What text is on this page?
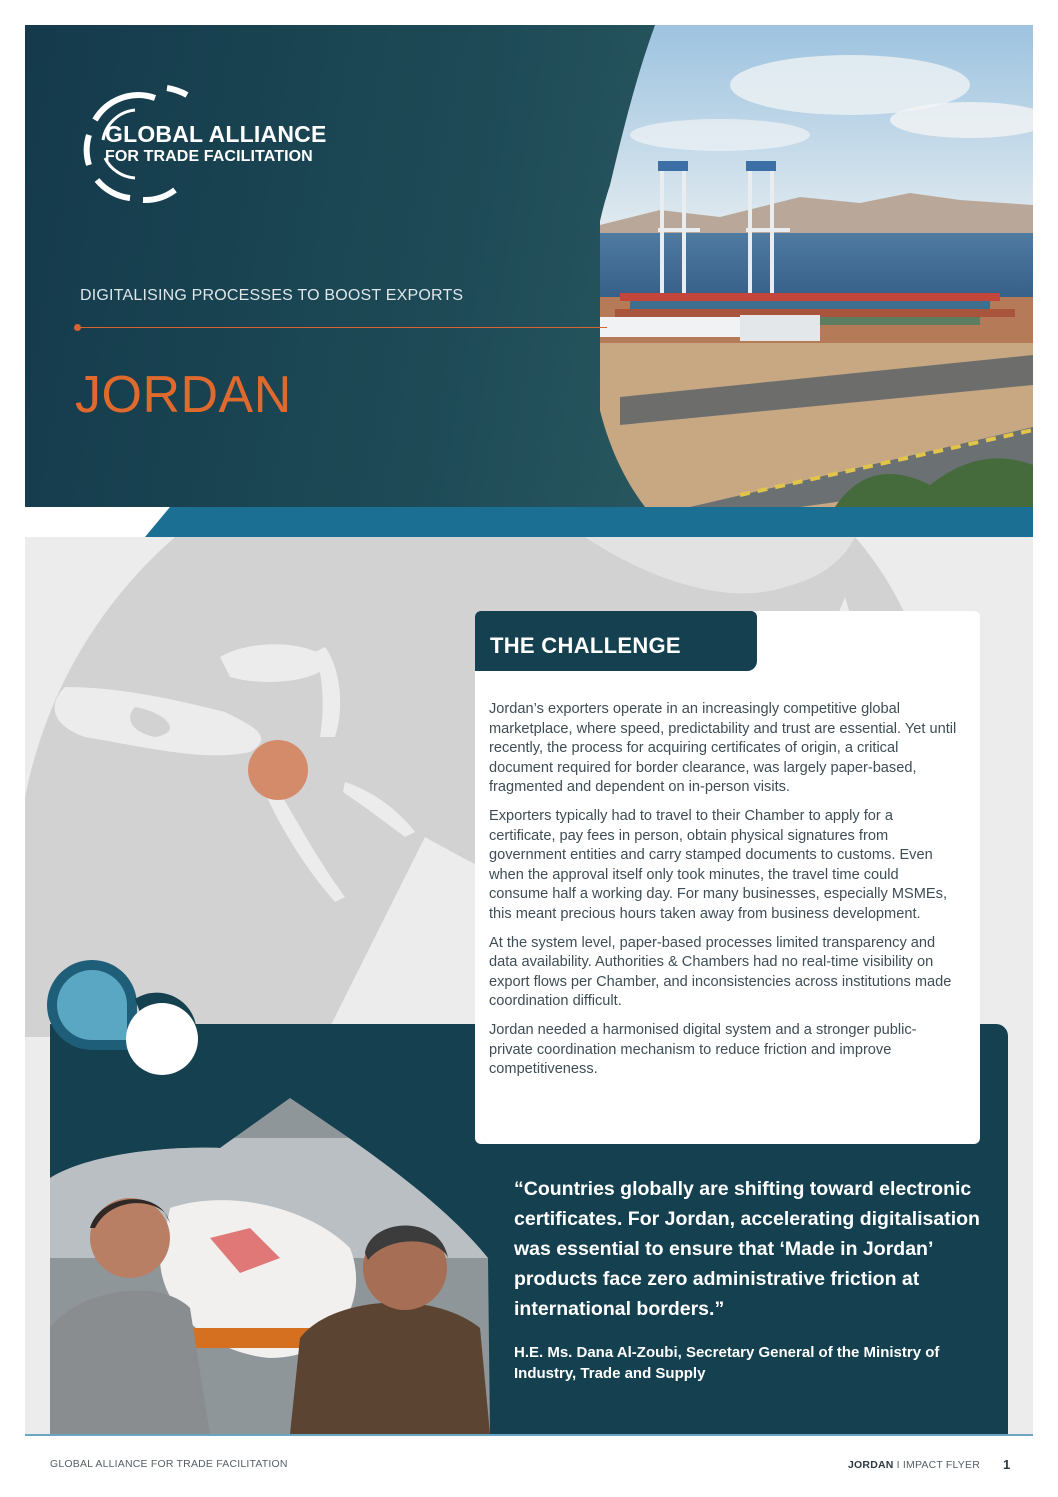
GLOBAL ALLIANCE
FOR TRADE FACILITATION
DIGITALISING PROCESSES TO BOOST EXPORTS
JORDAN
“Countries globally are shifting toward electronic certificates. For Jordan, accelerating digitalisation was essential to ensure that ‘Made in Jordan’ products face zero administrative friction at international borders.”
H.E. Ms. Dana Al-Zoubi, Secretary General of the Ministry of Industry, Trade and Supply
THE CHALLENGE

Jordan’s exporters operate in an increasingly competitive global marketplace, where speed, predictability and trust are essential. Yet until recently, the process for acquiring certificates of origin, a critical document required for border clearance, was largely paper-based, fragmented and dependent on in-person visits.

Exporters typically had to travel to their Chamber to apply for a certificate, pay fees in person, obtain physical signatures from government entities and carry stamped documents to customs. Even when the approval itself only took minutes, the travel time could consume half a working day. For many businesses, especially MSMEs, this meant precious hours taken away from business development.

At the system level, paper-based processes limited transparency and data availability. Authorities & Chambers had no real-time visibility on export flows per Chamber, and inconsistencies across institutions made coordination difficult.

Jordan needed a harmonised digital system and a stronger public-private coordination mechanism to reduce friction and improve competitiveness.

GLOBAL ALLIANCE FOR TRADE FACILITATION	JORDAN I IMPACT FLYER 1
